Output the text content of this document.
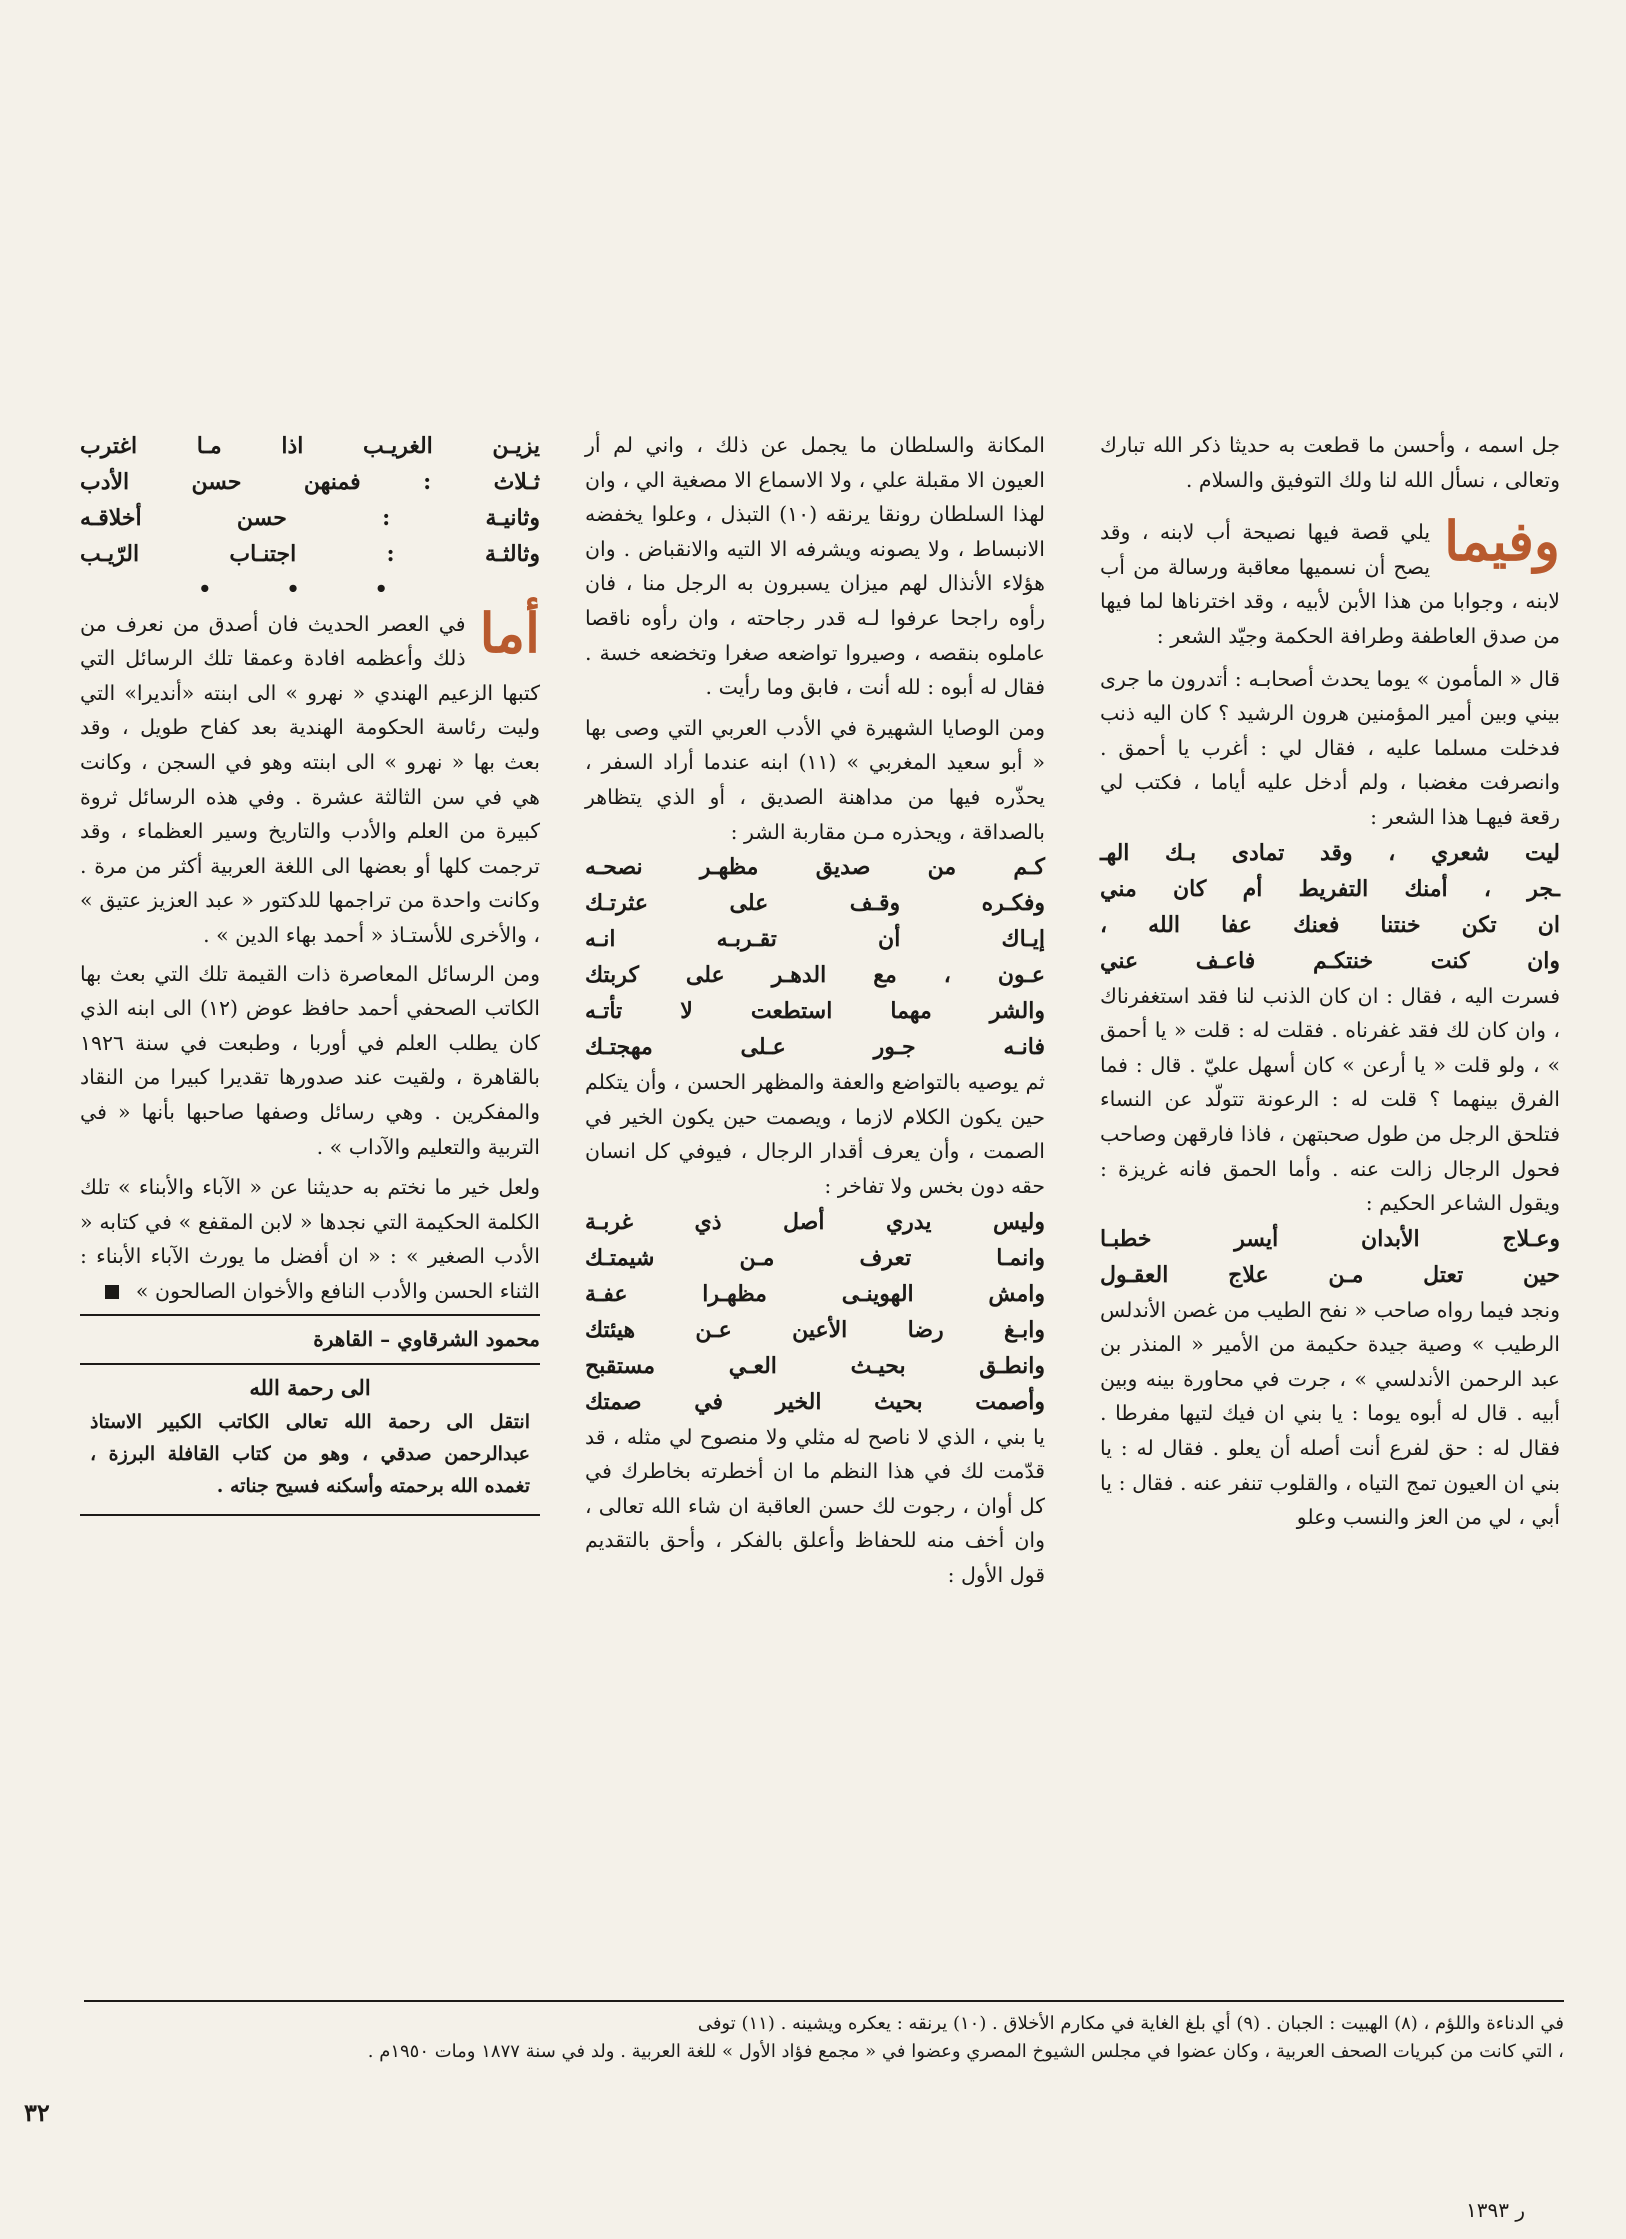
جل اسمه ، وأحسن ما قطعت به حديثا ذكر الله تبارك وتعالى ، نسأل الله لنا ولك التوفيق والسلام .

وفيما
يلي قصة فيها نصيحة أب لابنه ، وقد يصح أن نسميها معاقبة ورسالة من أب لابنه ، وجوابا من هذا الأبن لأبيه ، وقد اخترناها لما فيها من صدق العاطفة وطرافة الحكمة وجيّد الشعر :

قال « المأمون » يوما يحدث أصحابـه : أتدرون ما جرى بيني وبين أمير المؤمنين هرون الرشيد ؟ كان اليه ذنب فدخلت مسلما عليه ، فقال لي : أغرب يا أحمق . وانصرفت مغضبا ، ولم أدخل عليه أياما ، فكتب لي رقعة فيهـا هذا الشعر :

ليت شعري ، وقد تمادى بـك الهـ

ـجر ، أمنك التفريط أم كان مني

ان تكن خنتنا فعنك عفا الله ،

وان كنت خنتكـم فاعـف عني

فسرت اليه ، فقال : ان كان الذنب لنا فقد استغفرناك ، وان كان لك فقد غفرناه . فقلت له : قلت « يا أحمق » ، ولو قلت « يا أرعن » كان أسهل عليّ . قال : فما الفرق بينهما ؟ قلت له : الرعونة تتولّد عن النساء فتلحق الرجل من طول صحبتهن ، فاذا فارقهن وصاحب فحول الرجال زالت عنه . وأما الحمق فانه غريزة : ويقول الشاعر الحكيم :

وعـلاج الأبدان أيسر خطبـا

حين تعتل مـن علاج العقـول

ونجد فيما رواه صاحب « نفح الطيب من غصن الأندلس الرطيب » وصية جيدة حكيمة من الأمير « المنذر بن عبد الرحمن الأندلسي » ، جرت في محاورة بينه وبين أبيه . قال له أبوه يوما : يا بني ان فيك لتيها مفرطا . فقال له : حق لفرع أنت أصله أن يعلو . فقال له : يا بني ان العيون تمج التياه ، والقلوب تنفر عنه . فقال : يا أبي ، لي من العز والنسب وعلو

المكانة والسلطان ما يجمل عن ذلك ، واني لم أر العيون الا مقبلة علي ، ولا الاسماع الا مصغية الي ، وان لهذا السلطان رونقا يرنقه (١٠) التبذل ، وعلوا يخفضه الانبساط ، ولا يصونه ويشرفه الا التيه والانقباض . وان هؤلاء الأنذال لهم ميزان يسبرون به الرجل منا ، فان رأوه راجحا عرفوا لـه قدر رجاحته ، وان رأوه ناقصا عاملوه بنقصه ، وصيروا تواضعه صغرا وتخضعه خسة . فقال له أبوه : لله أنت ، فابق وما رأيت .

ومن الوصايا الشهيرة في الأدب العربي التي وصى بها « أبو سعيد المغربي » (١١) ابنه عندما أراد السفر ، يحذّره فيها من مداهنة الصديق ، أو الذي يتظاهر بالصداقة ، ويحذره مـن مقاربة الشر :

كـم من صديق مظهـر نصحـه

وفكـره وقـف على عثرتـك

إيـاك أن تقـربـه انـه

عـون ، مع الدهـر على كربتك

والشر مهما استطعت لا تأتـه

فانـه جـور عـلى مهجتـك

ثم يوصيه بالتواضع والعفة والمظهر الحسن ، وأن يتكلم حين يكون الكلام لازما ، ويصمت حين يكون الخير في الصمت ، وأن يعرف أقدار الرجال ، فيوفي كل انسان حقه دون بخس ولا تفاخر :

وليس يدري أصل ذي غربـة

وانمـا تعرف مـن شيمتـك

وامش الهوينـى مظهـرا عفـة

وابـغ رضا الأعين عـن هيئتك

وانطـق بحيـث العـي مستقبح

وأصمت بحيث الخير في صمتك

يا بني ، الذي لا ناصح له مثلي ولا منصوح لي مثله ، قد قدّمت لك في هذا النظم ما ان أخطرته بخاطرك في كل أوان ، رجوت لك حسن العاقبة ان شاء الله تعالى ، وان أخف منه للحفاظ وأعلق بالفكر ، وأحق بالتقديم قول الأول :

يزيـن الغريـب اذا مـا اغترب

ثـلاث : فمنهن حسن الأدب

وثانيـة : حسن أخلاقـه

وثالثـة : اجتنـاب الرّيـب

• • •

أما
في العصر الحديث فان أصدق من نعرف من ذلك وأعظمه افادة وعمقا تلك الرسائل التي كتبها الزعيم الهندي « نهرو » الى ابنته «أنديرا» التي وليت رئاسة الحكومة الهندية بعد كفاح طويل ، وقد بعث بها « نهرو » الى ابنته وهو في السجن ، وكانت هي في سن الثالثة عشرة . وفي هذه الرسائل ثروة كبيرة من العلم والأدب والتاريخ وسير العظماء ، وقد ترجمت كلها أو بعضها الى اللغة العربية أكثر من مرة . وكانت واحدة من تراجمها للدكتور « عبد العزيز عتيق » ، والأخرى للأستـاذ « أحمد بهاء الدين » .

ومن الرسائل المعاصرة ذات القيمة تلك التي بعث بها الكاتب الصحفي أحمد حافظ عوض (١٢) الى ابنه الذي كان يطلب العلم في أوربا ، وطبعت في سنة ١٩٢٦ بالقاهرة ، ولقيت عند صدورها تقديرا كبيرا من النقاد والمفكرين . وهي رسائل وصفها صاحبها بأنها « في التربية والتعليم والآداب » .

ولعل خير ما نختم به حديثنا عن « الآباء والأبناء » تلك الكلمة الحكيمة التي نجدها « لابن المقفع » في كتابه « الأدب الصغير » : « ان أفضل ما يورث الآباء الأبناء : الثناء الحسن والأدب النافع والأخوان الصالحون »

محمود الشرقاوي – القاهرة

الى رحمة الله

انتقل الى رحمة الله تعالى الكاتب الكبير الاستاذ عبدالرحمن صدقي ، وهو من كتاب القافلة البرزة ، تغمده الله برحمته وأسكنه فسيح جناته .

في الدناءة واللؤم ، (٨) الهبيت : الجبان . (٩) أي بلغ الغاية في مكارم الأخلاق . (١٠) يرنقه : يعكره ويشينه . (١١) توفى

، التي كانت من كبريات الصحف العربية ، وكان عضوا في مجلس الشيوخ المصري وعضوا في « مجمع فؤاد الأول » للغة العربية . ولد في سنة ١٨٧٧ ومات ١٩٥٠م .

٣٢
ر ١٣٩٣
